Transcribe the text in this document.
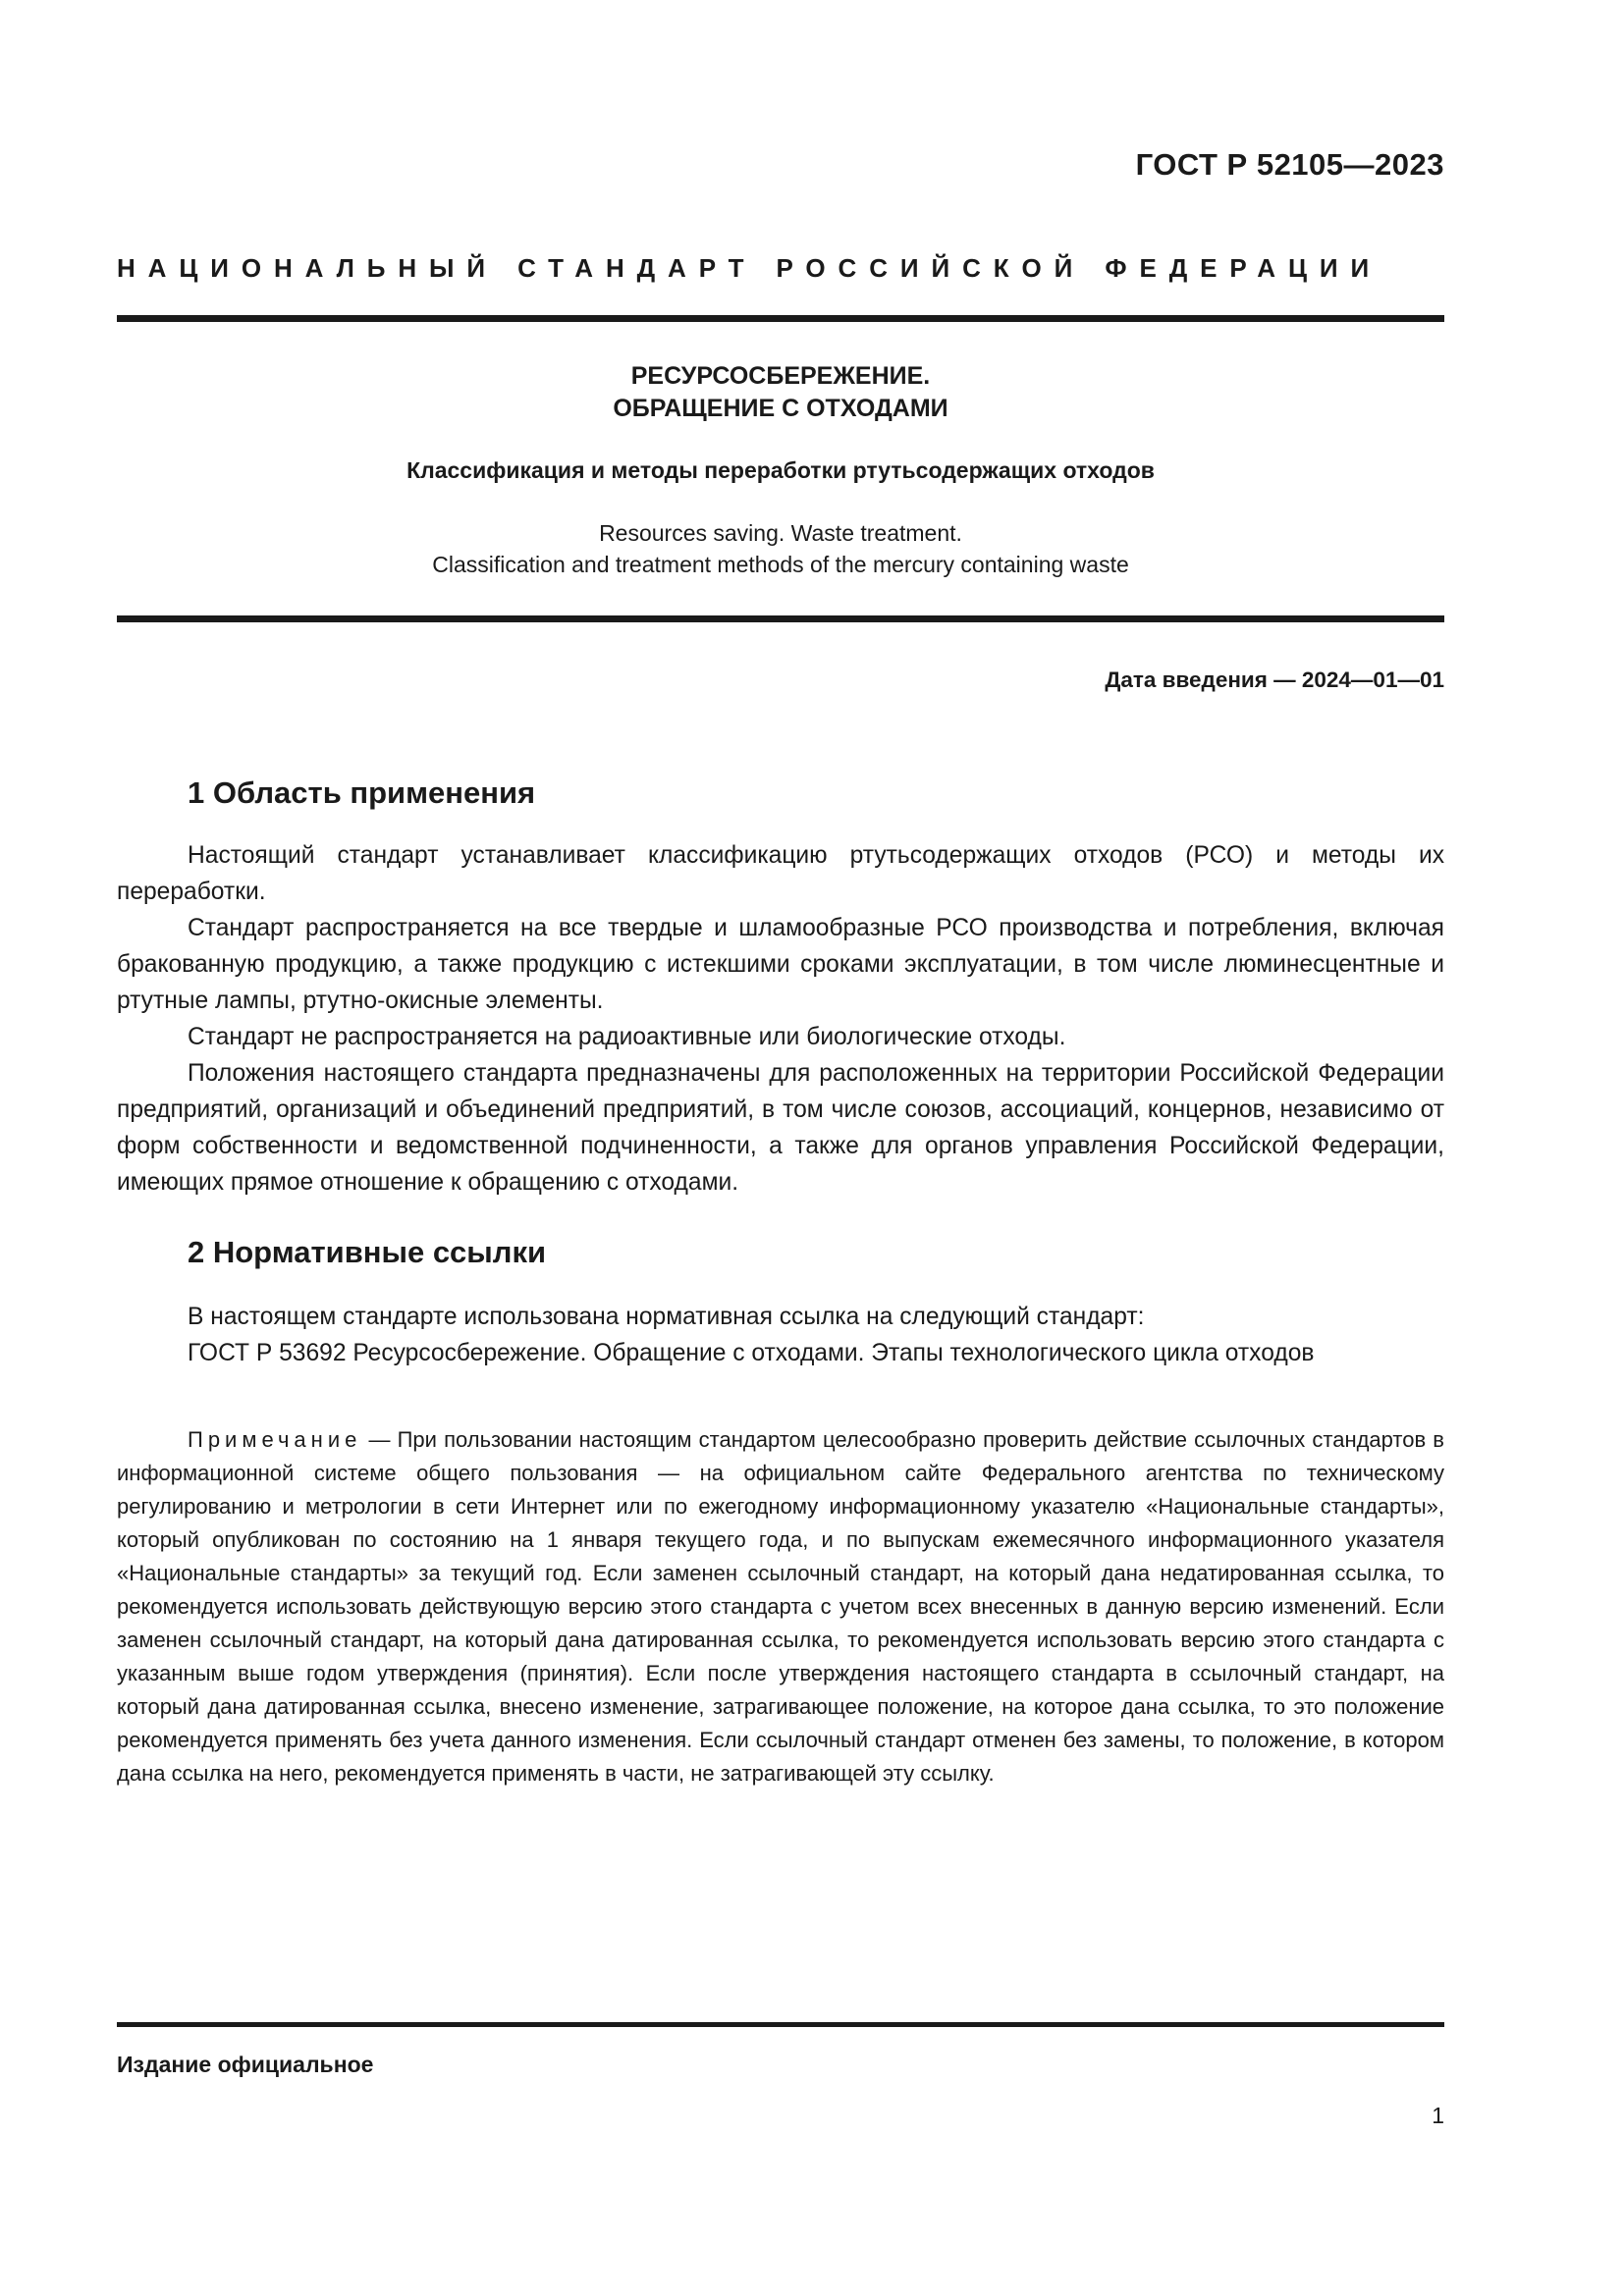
ГОСТ Р 52105—2023
НАЦИОНАЛЬНЫЙ СТАНДАРТ РОССИЙСКОЙ ФЕДЕРАЦИИ
РЕСУРСОСБЕРЕЖЕНИЕ.
ОБРАЩЕНИЕ С ОТХОДАМИ
Классификация и методы переработки ртутьсодержащих отходов
Resources saving. Waste treatment.
Classification and treatment methods of the mercury containing waste
Дата введения — 2024—01—01
1 Область применения

Настоящий стандарт устанавливает классификацию ртутьсодержащих отходов (РСО) и методы их переработки.

Стандарт распространяется на все твердые и шламообразные РСО производства и потребления, включая бракованную продукцию, а также продукцию с истекшими сроками эксплуатации, в том числе люминесцентные и ртутные лампы, ртутно-окисные элементы.

Стандарт не распространяется на радиоактивные или биологические отходы.

Положения настоящего стандарта предназначены для расположенных на территории Российской Федерации предприятий, организаций и объединений предприятий, в том числе союзов, ассоциаций, концернов, независимо от форм собственности и ведомственной подчиненности, а также для органов управления Российской Федерации, имеющих прямое отношение к обращению с отходами.

2 Нормативные ссылки

В настоящем стандарте использована нормативная ссылка на следующий стандарт:

ГОСТ Р 53692 Ресурсосбережение. Обращение с отходами. Этапы технологического цикла отходов

Примечание — При пользовании настоящим стандартом целесообразно проверить действие ссылочных стандартов в информационной системе общего пользования — на официальном сайте Федерального агентства по техническому регулированию и метрологии в сети Интернет или по ежегодному информационному указателю «Национальные стандарты», который опубликован по состоянию на 1 января текущего года, и по выпускам ежемесячного информационного указателя «Национальные стандарты» за текущий год. Если заменен ссылочный стандарт, на который дана недатированная ссылка, то рекомендуется использовать действующую версию этого стандарта с учетом всех внесенных в данную версию изменений. Если заменен ссылочный стандарт, на который дана датированная ссылка, то рекомендуется использовать версию этого стандарта с указанным выше годом утверждения (принятия). Если после утверждения настоящего стандарта в ссылочный стандарт, на который дана датированная ссылка, внесено изменение, затрагивающее положение, на которое дана ссылка, то это положение рекомендуется применять без учета данного изменения. Если ссылочный стандарт отменен без замены, то положение, в котором дана ссылка на него, рекомендуется применять в части, не затрагивающей эту ссылку.
Издание официальное
1
